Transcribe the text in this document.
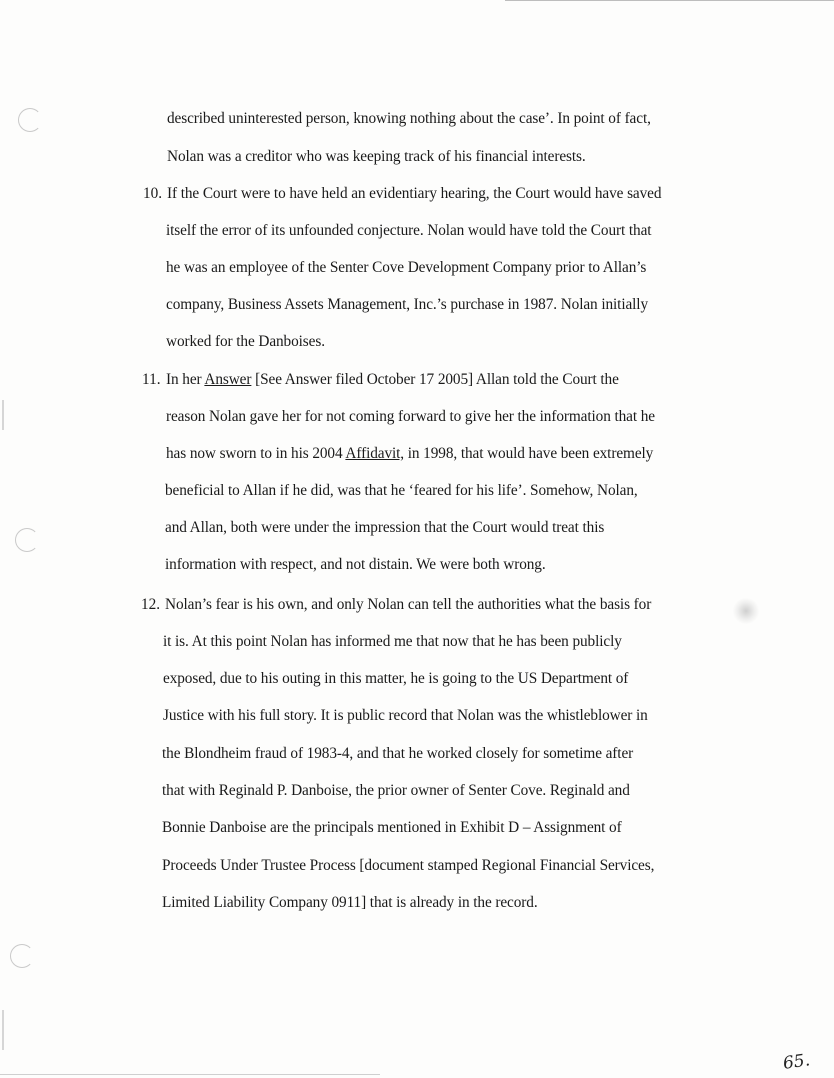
described uninterested person, knowing nothing about the case’. In point of fact,
Nolan was a creditor who was keeping track of his financial interests.
10. If the Court were to have held an evidentiary hearing, the Court would have saved
itself the error of its unfounded conjecture. Nolan would have told the Court that
he was an employee of the Senter Cove Development Company prior to Allan’s
company, Business Assets Management, Inc.’s purchase in 1987. Nolan initially
worked for the Danboises.
11. In her Answer [See Answer filed October 17 2005] Allan told the Court the
reason Nolan gave her for not coming forward to give her the information that he
has now sworn to in his 2004 Affidavit, in 1998, that would have been extremely
beneficial to Allan if he did, was that he ‘feared for his life’. Somehow, Nolan,
and Allan, both were under the impression that the Court would treat this
information with respect, and not distain. We were both wrong.
12. Nolan’s fear is his own, and only Nolan can tell the authorities what the basis for
it is. At this point Nolan has informed me that now that he has been publicly
exposed, due to his outing in this matter, he is going to the US Department of
Justice with his full story. It is public record that Nolan was the whistleblower in
the Blondheim fraud of 1983-4, and that he worked closely for sometime after
that with Reginald P. Danboise, the prior owner of Senter Cove. Reginald and
Bonnie Danboise are the principals mentioned in Exhibit D – Assignment of
Proceeds Under Trustee Process [document stamped Regional Financial Services,
Limited Liability Company 0911] that is already in the record.
65.
